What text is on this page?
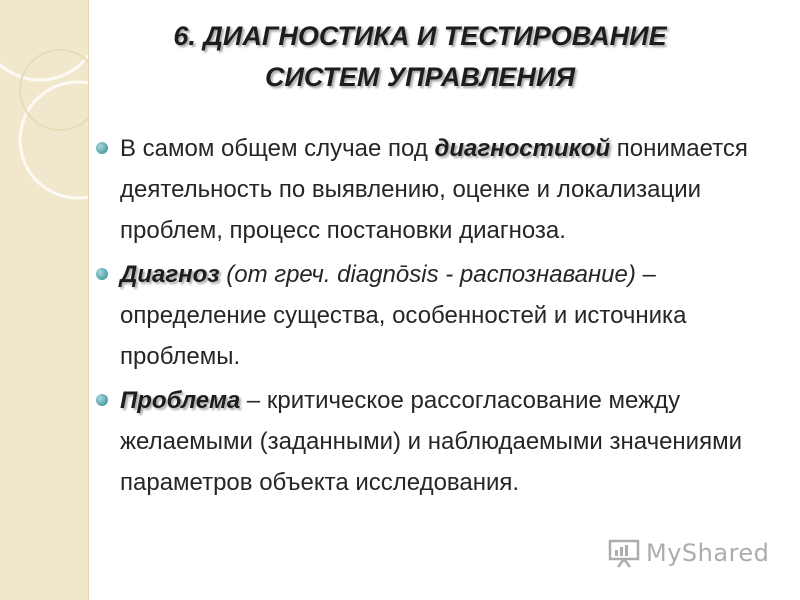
6. ДИАГНОСТИКА И ТЕСТИРОВАНИЕ
СИСТЕМ УПРАВЛЕНИЯ
В самом общем случае под диагностикой понимается деятельность по выявлению, оценке и локализации проблем, процесс постановки диагноза.
Диагноз (от греч. diagnōsis - распознавание) – определение существа, особенностей и источника проблемы.
Проблема – критическое рассогласование между желаемыми (заданными) и наблюдаемыми значениями параметров объекта исследования.
MyShared
